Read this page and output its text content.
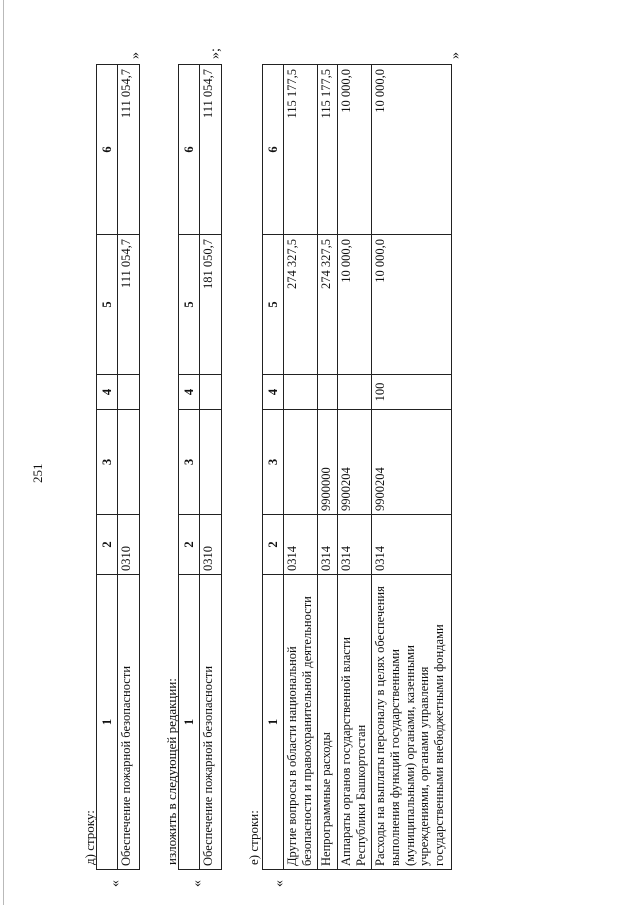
251
д) строку:
«
1	2	3	4	5	6
Обеспечение пожарной безопасности	0310			111 054,7	111 054,7
»
изложить в следующей редакции:
«
1	2	3	4	5	6
Обеспечение пожарной безопасности	0310			181 050,7	111 054,7
»;
е) строки:
«
1	2	3	4	5	6
Другие вопросы в области национальной безопасности и правоохранительной деятельности	0314			274 327,5	115 177,5
Непрограммные расходы	0314	9900000		274 327,5	115 177,5
Аппараты органов государственной власти Республики Башкортостан	0314	9900204		10 000,0	10 000,0
Расходы на выплаты персоналу в целях обеспечения выполнения функций государственными (муниципальными) органами, казенными учреждениями, органами управления государственными внебюджетными фондами	0314	9900204	100	10 000,0	10 000,0
»
